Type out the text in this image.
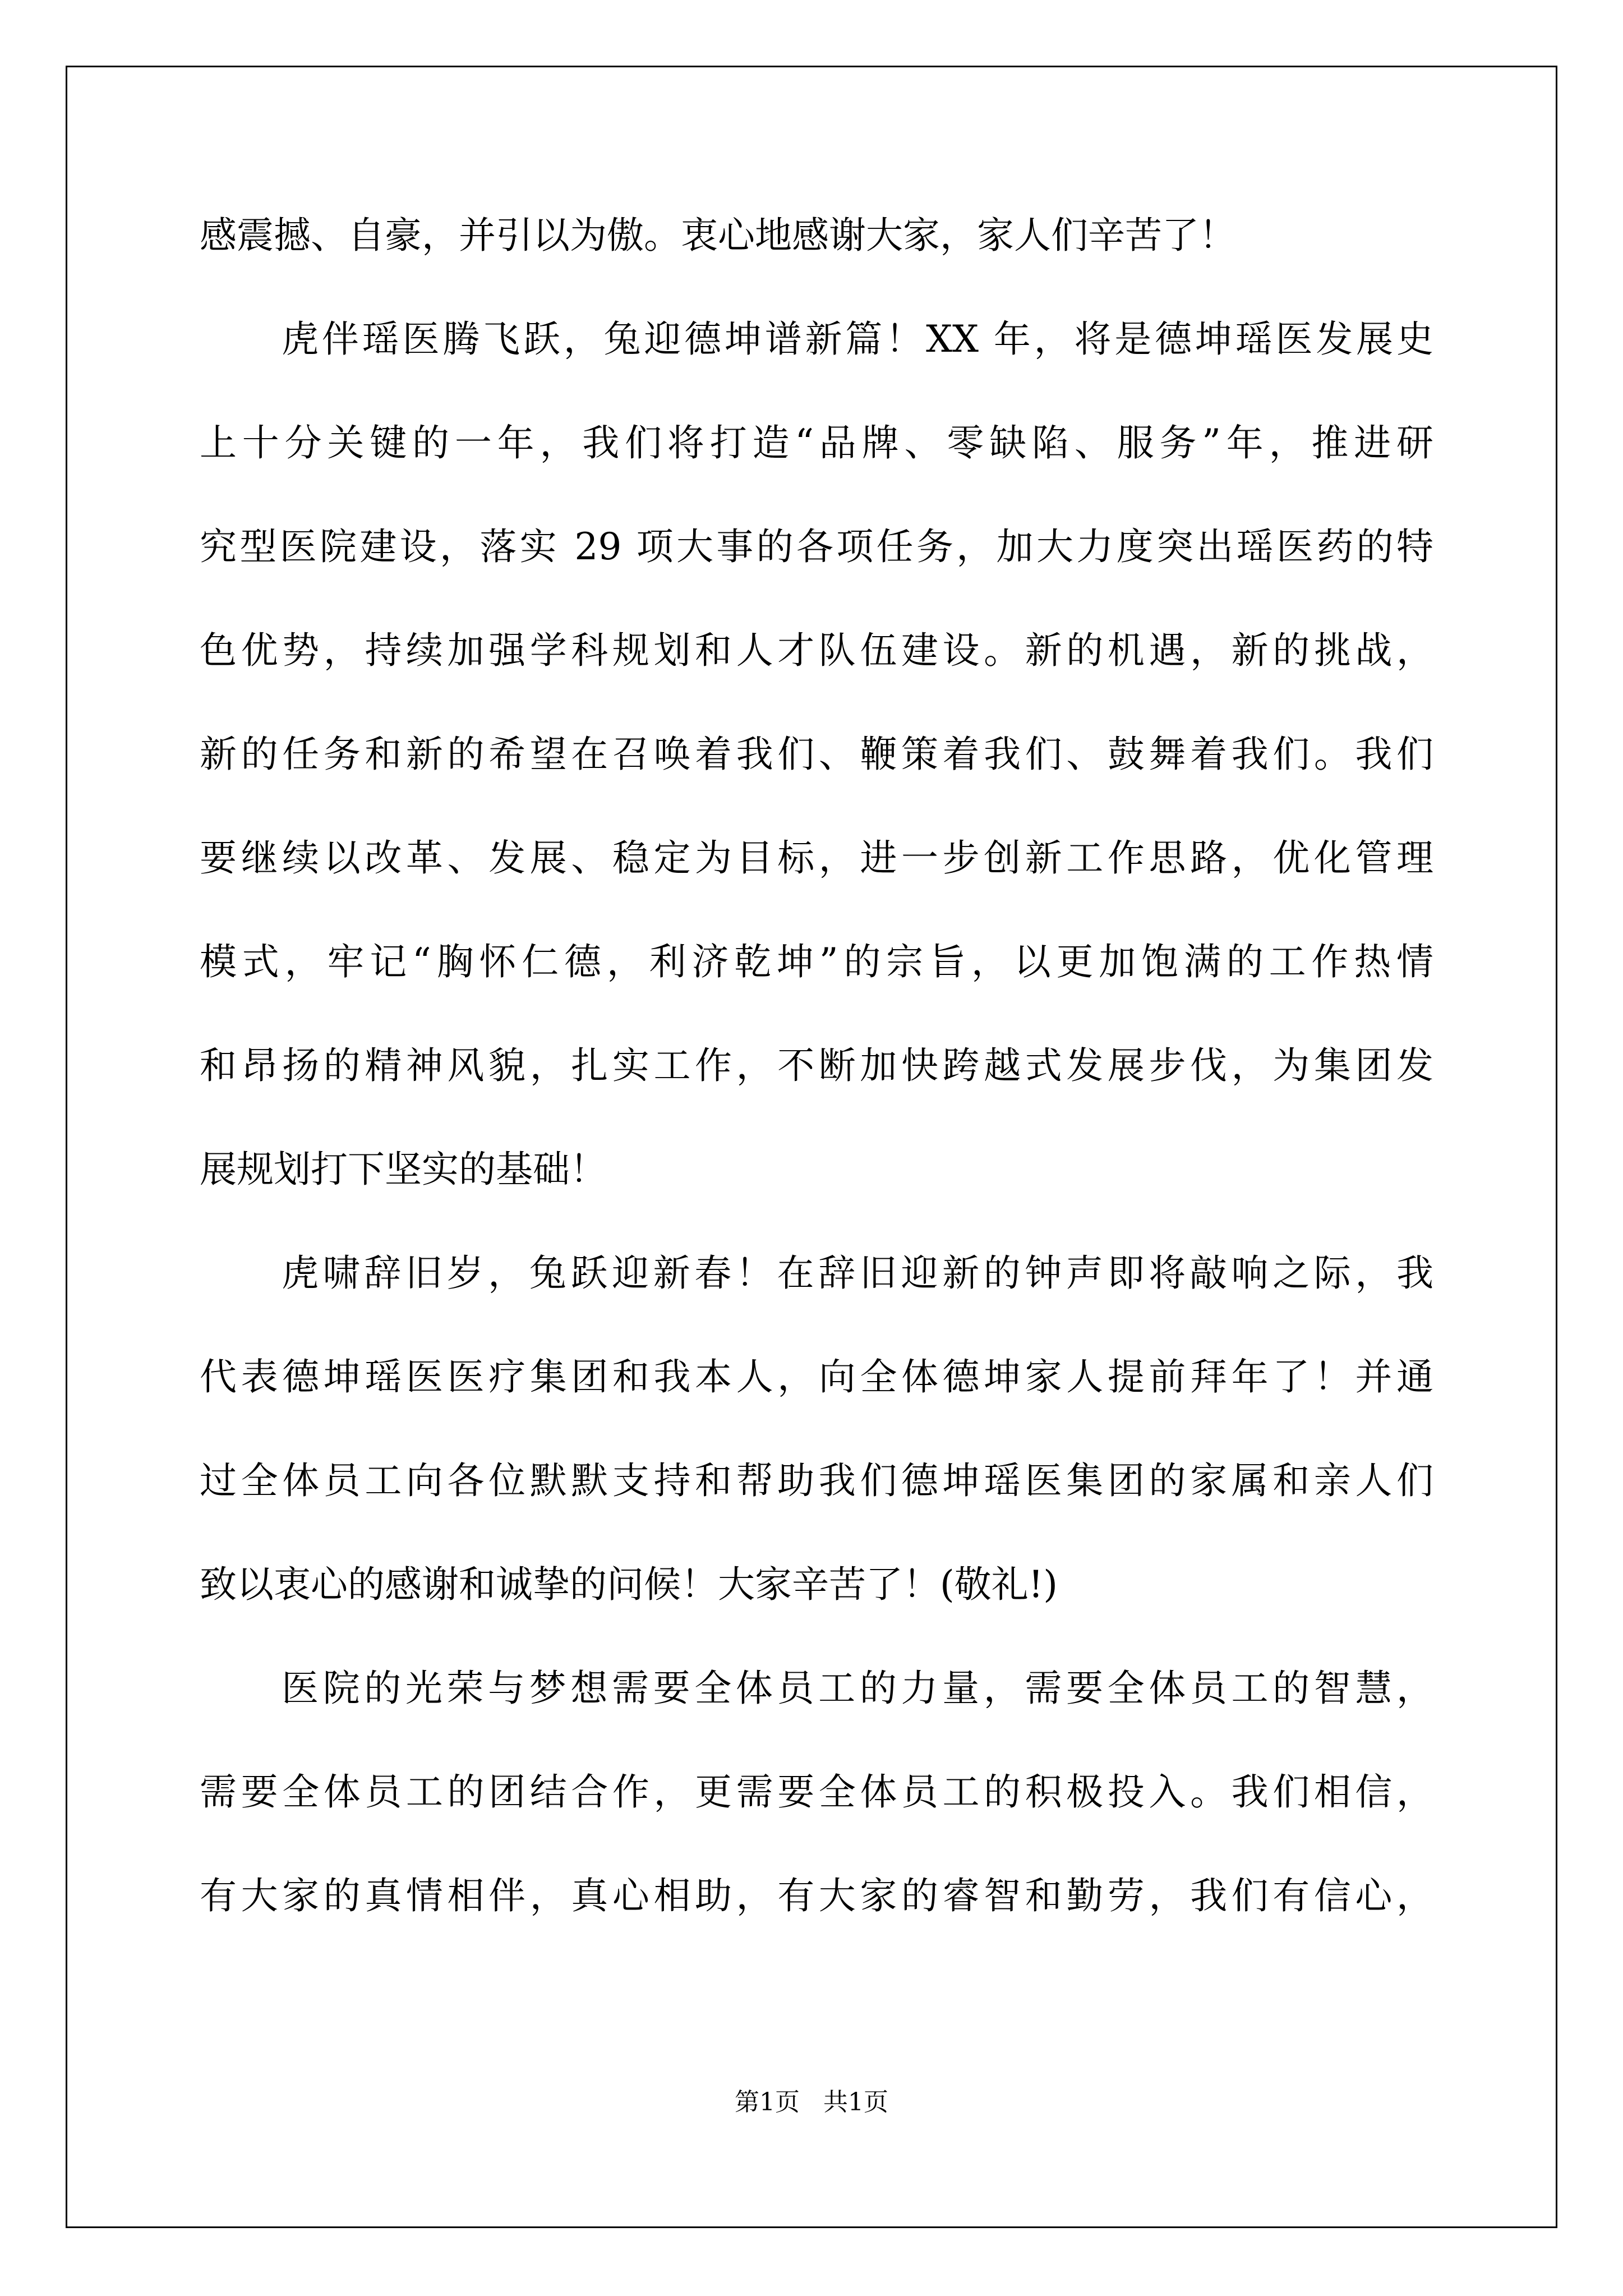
感震撼、自豪，并引以为傲。衷心地感谢大家，家人们辛苦了！
虎伴瑶医腾飞跃，兔迎德坤谱新篇！XX 年，将是德坤瑶医发展史
上十分关键的一年，我们将打造“品牌、零缺陷、服务”年，推进研
究型医院建设，落实 29 项大事的各项任务，加大力度突出瑶医药的特
色优势，持续加强学科规划和人才队伍建设。新的机遇，新的挑战，
新的任务和新的希望在召唤着我们、鞭策着我们、鼓舞着我们。我们
要继续以改革、发展、稳定为目标，进一步创新工作思路，优化管理
模式，牢记“胸怀仁德，利济乾坤”的宗旨，以更加饱满的工作热情
和昂扬的精神风貌，扎实工作，不断加快跨越式发展步伐，为集团发
展规划打下坚实的基础！
虎啸辞旧岁，兔跃迎新春！在辞旧迎新的钟声即将敲响之际，我
代表德坤瑶医医疗集团和我本人，向全体德坤家人提前拜年了！并通
过全体员工向各位默默支持和帮助我们德坤瑶医集团的家属和亲人们
致以衷心的感谢和诚挚的问候！大家辛苦了！(敬礼!)
医院的光荣与梦想需要全体员工的力量，需要全体员工的智慧，
需要全体员工的团结合作，更需要全体员工的积极投入。我们相信，
有大家的真情相伴，真心相助，有大家的睿智和勤劳，我们有信心，
第1页   共1页
